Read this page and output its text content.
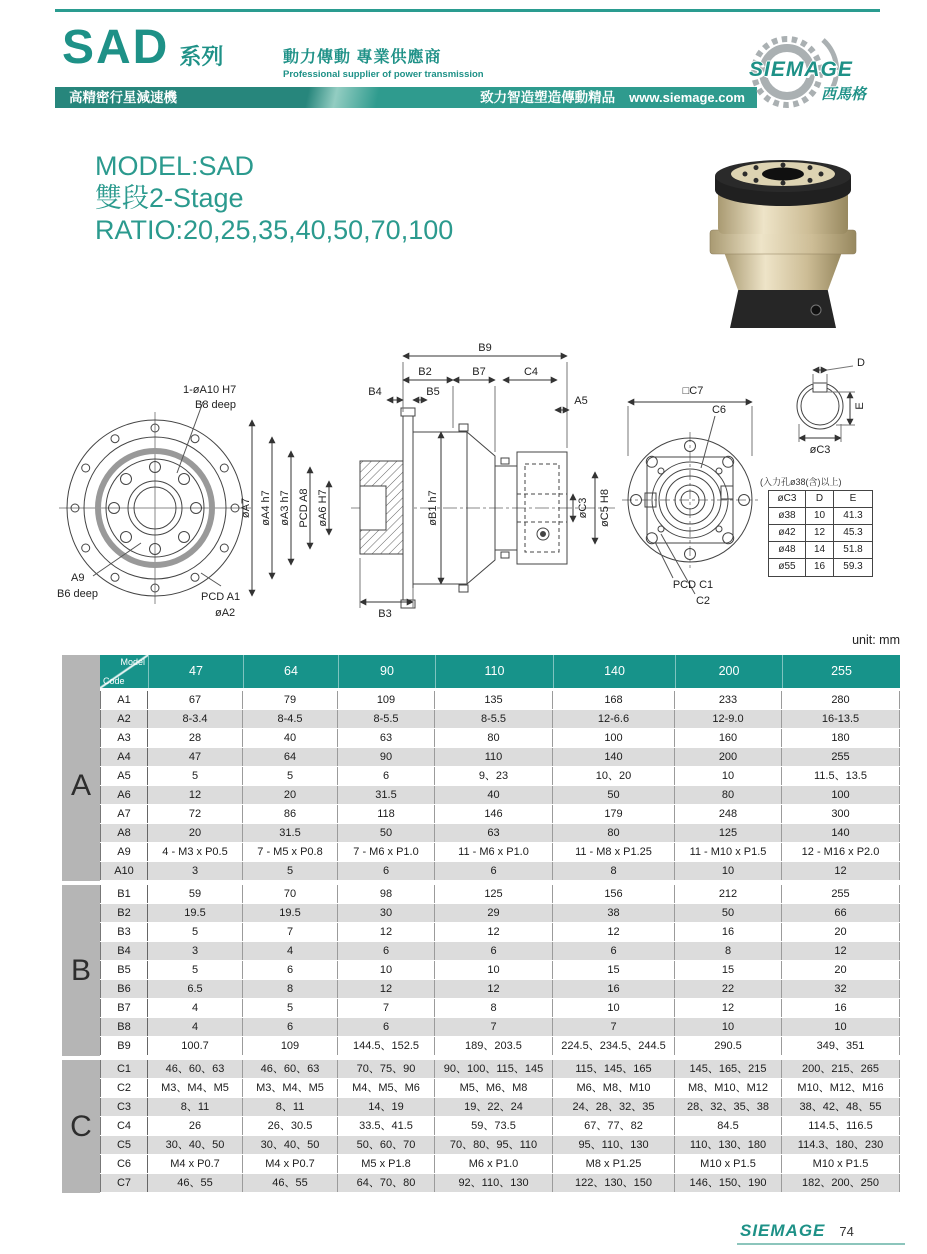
SAD 系列	動力傳動 專業供應商
Professional supplier of power transmission
高精密行星減速機	致力智造塑造傳動精品 www.siemage.com
SIEMAGE
西馬格
MODEL:SAD
雙段2-Stage
RATIO:20,25,35,40,50,70,100
1-øA10 H7
B8 deep
A9
B6 deep	PCD A1
øA2
øA7 øA4 h7 øA3 h7 PCD A8 øA6 H7
B9
B2	B7
B4	B5
C4
A5
øB1 h7	øC3 øC5 H8
B3
□C7
C6
PCD C1
C2
D
E
øC3
(入力孔ø38(含)以上)
øC3	D	E
ø38	10	41.3
ø42	12	45.3
ø48	14	51.8
ø55	16	59.3
unit: mm
A
B
C
Model
Code
47	64	90	110	140	200	255
A1	67	79	109	135	168	233	280
A2	8-3.4	8-4.5	8-5.5	8-5.5	12-6.6	12-9.0	16-13.5
A3	28	40	63	80	100	160	180
A4	47	64	90	110	140	200	255
A5	5	5	6	9、23	10、20	10	11.5、13.5
A6	12	20	31.5	40	50	80	100
A7	72	86	118	146	179	248	300
A8	20	31.5	50	63	80	125	140
A9	4 - M3 x P0.5	7 - M5 x P0.8	7 - M6 x P1.0	11 - M6 x P1.0	11 - M8 x P1.25	11 - M10 x P1.5	12 - M16 x P2.0
A10	3	5	6	6	8	10	12
B1	59	70	98	125	156	212	255
B2	19.5	19.5	30	29	38	50	66
B3	5	7	12	12	12	16	20
B4	3	4	6	6	6	8	12
B5	5	6	10	10	15	15	20
B6	6.5	8	12	12	16	22	32
B7	4	5	7	8	10	12	16
B8	4	6	6	7	7	10	10
B9	100.7	109	144.5、152.5	189、203.5	224.5、234.5、244.5	290.5	349、351
C1	46、60、63	46、60、63	70、75、90	90、100、115、145	115、145、165	145、165、215	200、215、265
C2	M3、M4、M5	M3、M4、M5	M4、M5、M6	M5、M6、M8	M6、M8、M10	M8、M10、M12	M10、M12、M16
C3	8、11	8、11	14、19	19、22、24	24、28、32、35	28、32、35、38	38、42、48、55
C4	26	26、30.5	33.5、41.5	59、73.5	67、77、82	84.5	114.5、116.5
C5	30、40、50	30、40、50	50、60、70	70、80、95、110	95、110、130	110、130、180	114.3、180、230
C6	M4 x P0.7	M4 x P0.7	M5 x P1.8	M6 x P1.0	M8 x P1.25	M10 x P1.5	M10 x P1.5
C7	46、55	46、55	64、70、80	92、110、130	122、130、150	146、150、190	182、200、250
SIEMAGE 74
